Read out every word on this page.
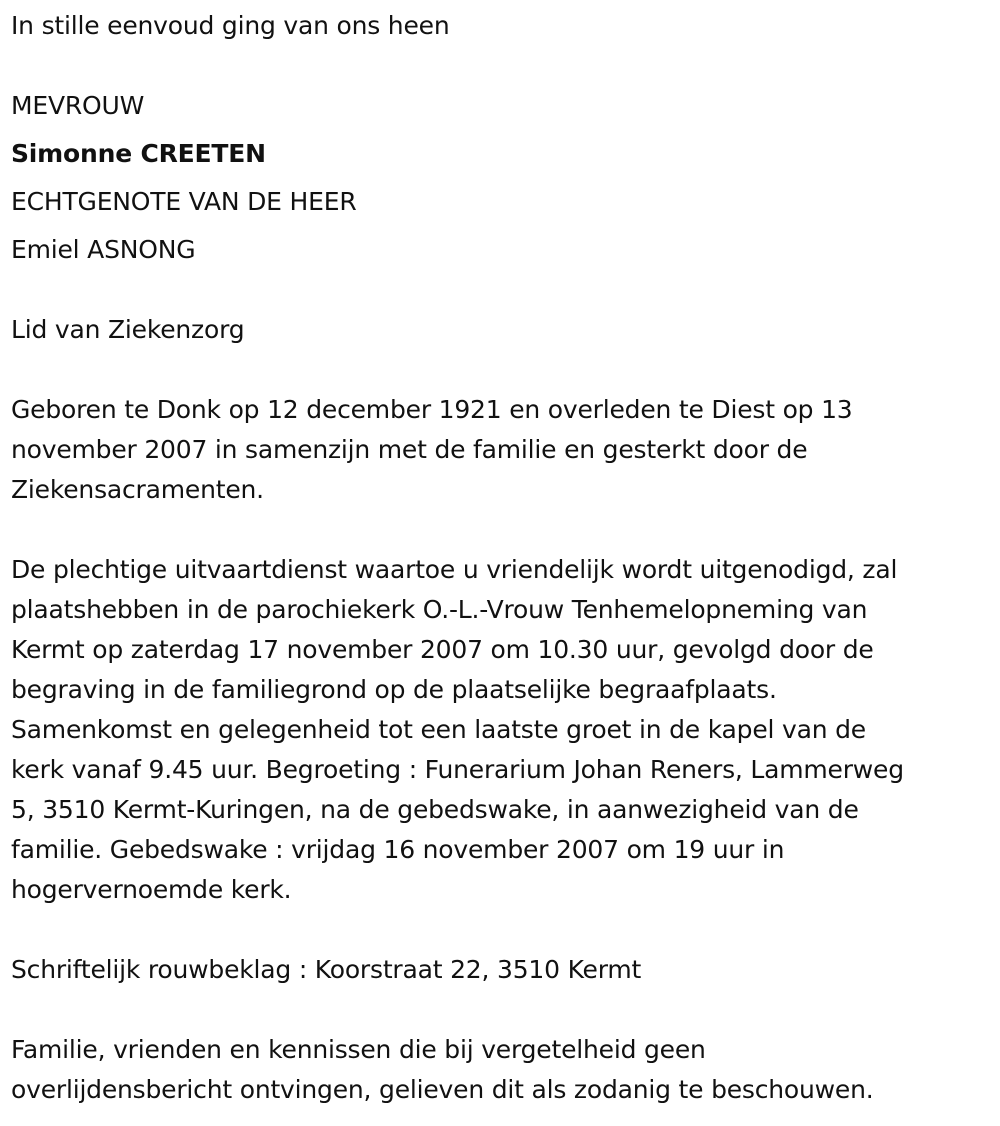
In stille eenvoud ging van ons heen
MEVROUW
Simonne CREETEN
ECHTGENOTE VAN DE HEER
Emiel ASNONG
Lid van Ziekenzorg
Geboren te Donk op 12 december 1921 en overleden te Diest op 13
november 2007 in samenzijn met de familie en gesterkt door de
Ziekensacramenten.
De plechtige uitvaartdienst waartoe u vriendelijk wordt uitgenodigd, zal
plaatshebben in de parochiekerk O.-L.-Vrouw Tenhemelopneming van
Kermt op zaterdag 17 november 2007 om 10.30 uur, gevolgd door de
begraving in de familiegrond op de plaatselijke begraafplaats.
Samenkomst en gelegenheid tot een laatste groet in de kapel van de
kerk vanaf 9.45 uur. Begroeting : Funerarium Johan Reners, Lammerweg
5, 3510 Kermt-Kuringen, na de gebedswake, in aanwezigheid van de
familie. Gebedswake : vrijdag 16 november 2007 om 19 uur in
hogervernoemde kerk.
Schriftelijk rouwbeklag : Koorstraat 22, 3510 Kermt
Familie, vrienden en kennissen die bij vergetelheid geen
overlijdensbericht ontvingen, gelieven dit als zodanig te beschouwen.
